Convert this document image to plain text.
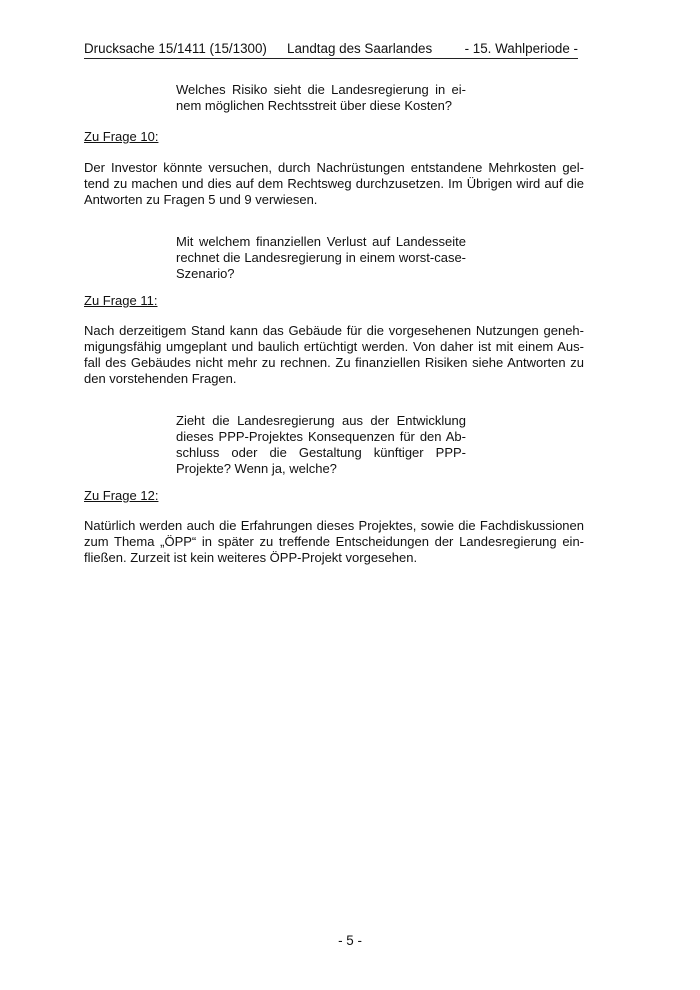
Drucksache 15/1411 (15/1300) Landtag des Saarlandes - 15. Wahlperiode -
Welches Risiko sieht die Landesregierung in ei-
nem möglichen Rechtsstreit über diese Kosten?
Zu Frage 10:
Der Investor könnte versuchen, durch Nachrüstungen entstandene Mehrkosten gel-
tend zu machen und dies auf dem Rechtsweg durchzusetzen. Im Übrigen wird auf die
Antworten zu Fragen 5 und 9 verwiesen.
Mit welchem finanziellen Verlust auf Landesseite
rechnet die Landesregierung in einem worst-case-
Szenario?
Zu Frage 11:
Nach derzeitigem Stand kann das Gebäude für die vorgesehenen Nutzungen geneh-
migungsfähig umgeplant und baulich ertüchtigt werden. Von daher ist mit einem Aus-
fall des Gebäudes nicht mehr zu rechnen. Zu finanziellen Risiken siehe Antworten zu
den vorstehenden Fragen.
Zieht die Landesregierung aus der Entwicklung
dieses PPP-Projektes Konsequenzen für den Ab-
schluss oder die Gestaltung künftiger PPP-
Projekte? Wenn ja, welche?
Zu Frage 12:
Natürlich werden auch die Erfahrungen dieses Projektes, sowie die Fachdiskussionen
zum Thema „ÖPP“ in später zu treffende Entscheidungen der Landesregierung ein-
fließen. Zurzeit ist kein weiteres ÖPP-Projekt vorgesehen.
- 5 -
